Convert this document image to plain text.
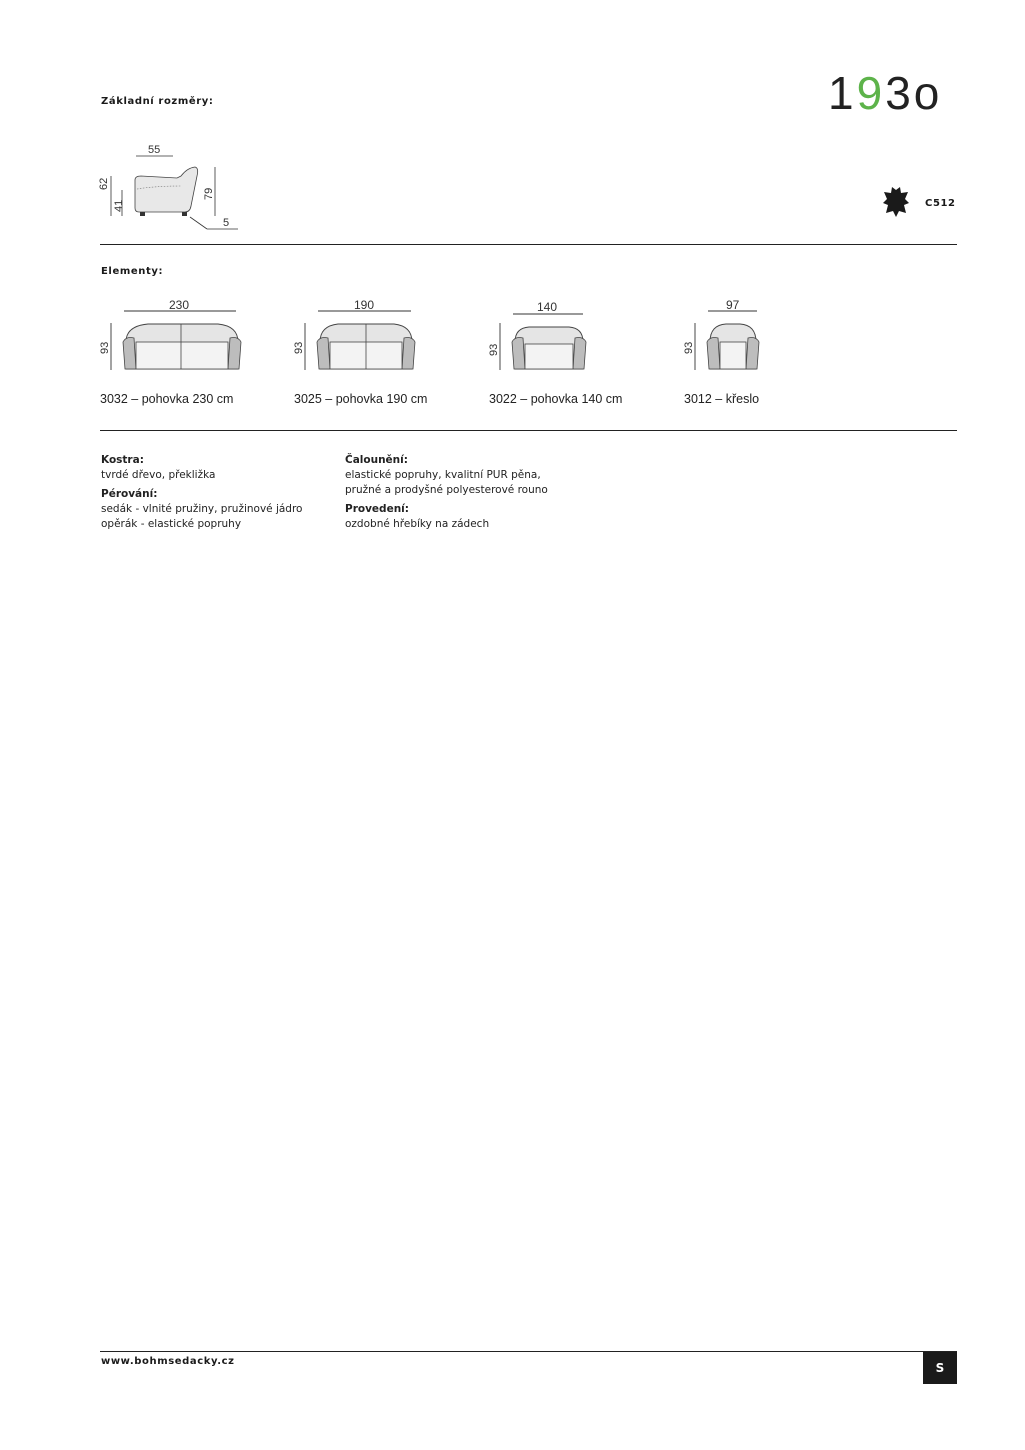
Základní rozměry:	193o
55
62
41
79
5
C512
Elementy:
230
93
3032 – pohovka 230 cm
190
93
3025 – pohovka 190 cm
140
93
3022 – pohovka 140 cm
97
93
3012 – křeslo
Kostra:
tvrdé dřevo, překližka
Pérování:
sedák - vlnité pružiny, pružinové jádro
opěrák - elastické popruhy
Čalounění:
elastické popruhy, kvalitní PUR pěna,
pružné a prodyšné polyesterové rouno
Provedení:
ozdobné hřebíky na zádech
www.bohmsedacky.cz	S
